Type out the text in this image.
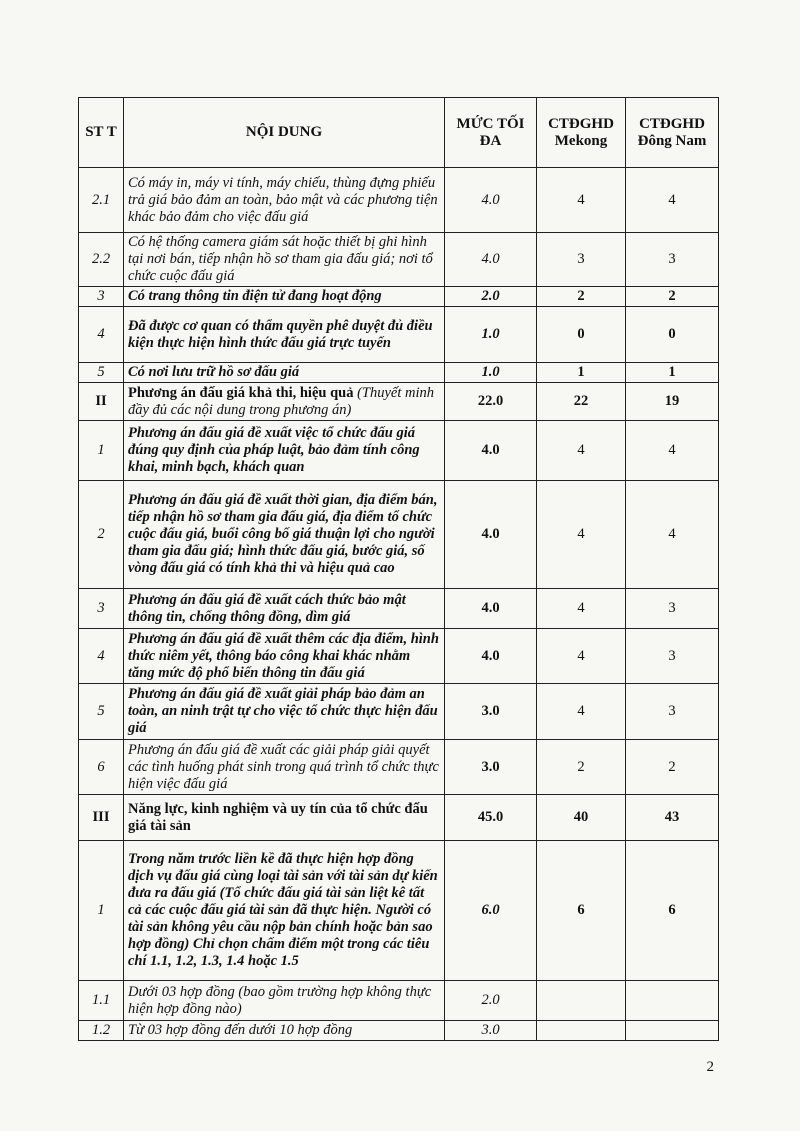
ST T	NỘI DUNG	MỨC TỐI ĐA	CTĐGHD Mekong	CTĐGHD Đông Nam
2.1	Có máy in, máy vi tính, máy chiếu, thùng đựng phiếu trả giá bảo đảm an toàn, bảo mật và các phương tiện khác bảo đảm cho việc đấu giá	4.0	4	4
2.2	Có hệ thống camera giám sát hoặc thiết bị ghi hình tại nơi bán, tiếp nhận hồ sơ tham gia đấu giá; nơi tổ chức cuộc đấu giá	4.0	3	3
3	Có trang thông tin điện tử đang hoạt động	2.0	2	2
4	Đã được cơ quan có thẩm quyền phê duyệt đủ điều kiện thực hiện hình thức đấu giá trực tuyến	1.0	0	0
5	Có nơi lưu trữ hồ sơ đấu giá	1.0	1	1
II	Phương án đấu giá khả thi, hiệu quả (Thuyết minh đầy đủ các nội dung trong phương án)	22.0	22	19
1	Phương án đấu giá đề xuất việc tổ chức đấu giá đúng quy định của pháp luật, bảo đảm tính công khai, minh bạch, khách quan	4.0	4	4
2	Phương án đấu giá đề xuất thời gian, địa điểm bán, tiếp nhận hồ sơ tham gia đấu giá, địa điểm tổ chức cuộc đấu giá, buổi công bố giá thuận lợi cho người tham gia đấu giá; hình thức đấu giá, bước giá, số vòng đấu giá có tính khả thi và hiệu quả cao	4.0	4	4
3	Phương án đấu giá đề xuất cách thức bảo mật thông tin, chống thông đồng, dìm giá	4.0	4	3
4	Phương án đấu giá đề xuất thêm các địa điểm, hình thức niêm yết, thông báo công khai khác nhằm tăng mức độ phổ biến thông tin đấu giá	4.0	4	3
5	Phương án đấu giá đề xuất giải pháp bảo đảm an toàn, an ninh trật tự cho việc tổ chức thực hiện đấu giá	3.0	4	3
6	Phương án đấu giá đề xuất các giải pháp giải quyết các tình huống phát sinh trong quá trình tổ chức thực hiện việc đấu giá	3.0	2	2
III	Năng lực, kinh nghiệm và uy tín của tổ chức đấu giá tài sản	45.0	40	43
1	Trong năm trước liền kề đã thực hiện hợp đồng dịch vụ đấu giá cùng loại tài sản với tài sản dự kiến đưa ra đấu giá (Tổ chức đấu giá tài sản liệt kê tất cả các cuộc đấu giá tài sản đã thực hiện. Người có tài sản không yêu cầu nộp bản chính hoặc bản sao hợp đồng) Chỉ chọn chấm điểm một trong các tiêu chí 1.1, 1.2, 1.3, 1.4 hoặc 1.5	6.0	6	6
1.1	Dưới 03 hợp đồng (bao gồm trường hợp không thực hiện hợp đồng nào)	2.0		
1.2	Từ 03 hợp đồng đến dưới 10 hợp đồng	3.0		
2
